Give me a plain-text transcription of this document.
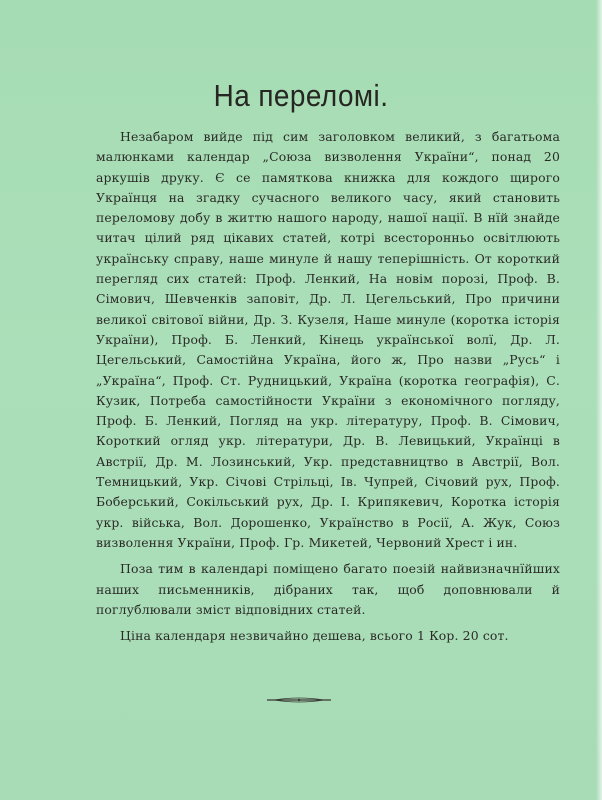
На переломі.

Незабаром вийде під сим заголовком великий, з багатьома малюнками календар „Союза визволення України“, понад 20 аркушів друку. Є се памяткова книжка для кождого щирого Українця на згадку сучасного великого часу, який становить переломову добу в життю нашого народу, нашої нації. В нїй знайде читач цілий ряд цікавих статей, котрі всесторонньо освітлюють українську справу, наше минуле й нашу теперішність. От короткий перегляд сих статей: Проф. Ленкий, На новім порозі, Проф. В. Сімович, Шевченків заповіт, Др. Л. Цегельський, Про причини великої світової війни, Др. З. Кузеля, Наше минуле (коротка історія України), Проф. Б. Ленкий, Кінець української волї, Др. Л. Цегельський, Самостійна Україна, його ж, Про назви „Русь“ і „Україна“, Проф. Ст. Рудницький, Україна (коротка географія), С. Кузик, Потреба самостійности України з економічного погляду, Проф. Б. Ленкий, Погляд на укр. літературу, Проф. В. Сімович, Короткий огляд укр. літератури, Др. В. Левицький, Українці в Австрії, Др. М. Лозинський, Укр. представництво в Австрії, Вол. Темницький, Укр. Січові Стрільці, Ів. Чупрей, Січовий рух, Проф. Боберський, Сокільський рух, Др. І. Крипякевич, Коротка історія укр. війська, Вол. Дорошенко, Українство в Росії, А. Жук, Союз визволення України, Проф. Гр. Микетей, Червоний Хрест і ин.

Поза тим в календарі поміщено багато поезій найвизначнїйших наших письменників, дібраних так, щоб доповнювали й поглублювали зміст відповідних статей.

Ціна календаря незвичайно дешева, всього 1 Кор. 20 сот.
